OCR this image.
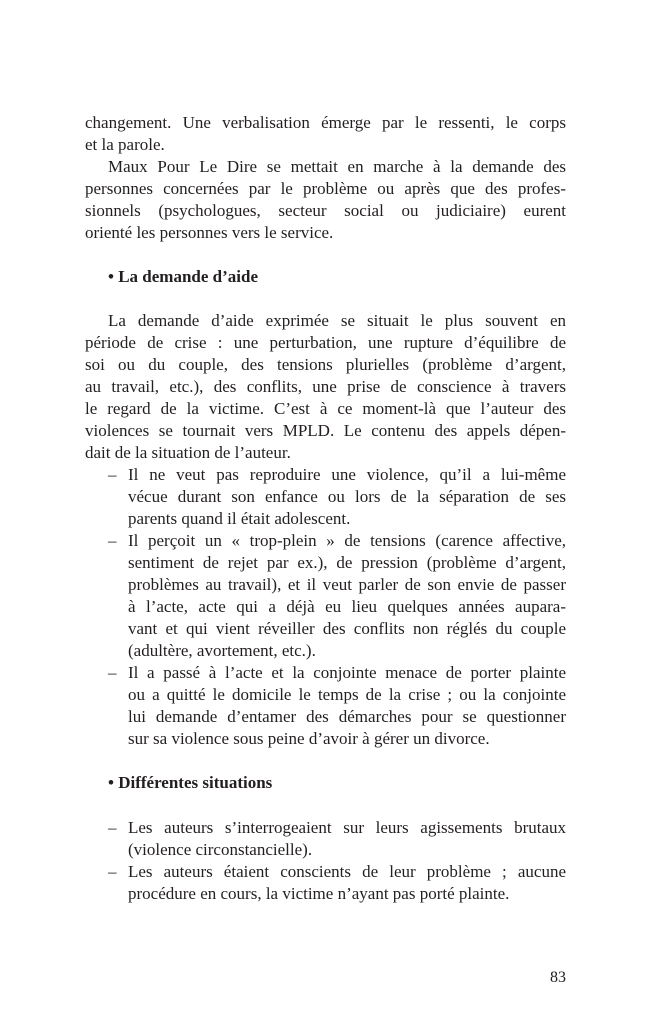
changement. Une verbalisation émerge par le ressenti, le corps
et la parole.
Maux Pour Le Dire se mettait en marche à la demande des
personnes concernées par le problème ou après que des profes-
sionnels (psychologues, secteur social ou judiciaire) eurent
orienté les personnes vers le service.
• La demande d’aide
La demande d’aide exprimée se situait le plus souvent en
période de crise : une perturbation, une rupture d’équilibre de
soi ou du couple, des tensions plurielles (problème d’argent,
au travail, etc.), des conflits, une prise de conscience à travers
le regard de la victime. C’est à ce moment-là que l’auteur des
violences se tournait vers MPLD. Le contenu des appels dépen-
dait de la situation de l’auteur.
– Il ne veut pas reproduire une violence, qu’il a lui-même
vécue durant son enfance ou lors de la séparation de ses
parents quand il était adolescent.
– Il perçoit un « trop-plein » de tensions (carence affective,
sentiment de rejet par ex.), de pression (problème d’argent,
problèmes au travail), et il veut parler de son envie de passer
à l’acte, acte qui a déjà eu lieu quelques années aupara-
vant et qui vient réveiller des conflits non réglés du couple
(adultère, avortement, etc.).
– Il a passé à l’acte et la conjointe menace de porter plainte
ou a quitté le domicile le temps de la crise ; ou la conjointe
lui demande d’entamer des démarches pour se questionner
sur sa violence sous peine d’avoir à gérer un divorce.
• Différentes situations
– Les auteurs s’interrogeaient sur leurs agissements brutaux
(violence circonstancielle).
– Les auteurs étaient conscients de leur problème ; aucune
procédure en cours, la victime n’ayant pas porté plainte.
83
